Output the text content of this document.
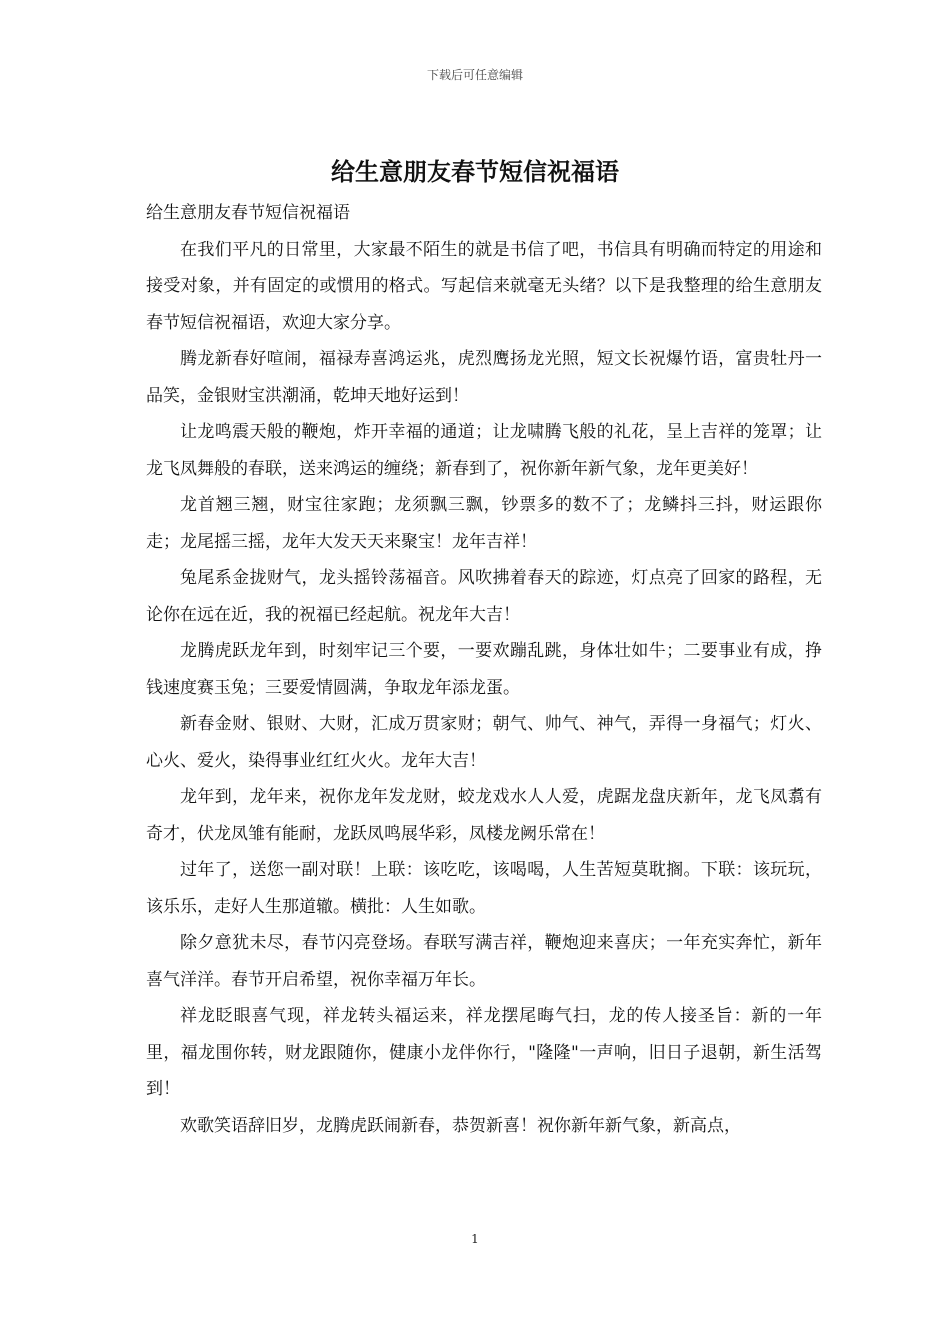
下载后可任意编辑
给生意朋友春节短信祝福语

给生意朋友春节短信祝福语

在我们平凡的日常里，大家最不陌生的就是书信了吧，书信具有明确而特定的用途和接受对象，并有固定的或惯用的格式。写起信来就毫无头绪？以下是我整理的给生意朋友春节短信祝福语，欢迎大家分享。

腾龙新春好喧闹，福禄寿喜鸿运兆，虎烈鹰扬龙光照，短文长祝爆竹语，富贵牡丹一品笑，金银财宝洪潮涌，乾坤天地好运到！

让龙鸣震天般的鞭炮，炸开幸福的通道；让龙啸腾飞般的礼花，呈上吉祥的笼罩；让龙飞凤舞般的春联，送来鸿运的缠绕；新春到了，祝你新年新气象，龙年更美好！

龙首翘三翘，财宝往家跑；龙须飘三飘，钞票多的数不了；龙鳞抖三抖，财运跟你走；龙尾摇三摇，龙年大发天天来聚宝！龙年吉祥！

兔尾系金拢财气，龙头摇铃荡福音。风吹拂着春天的踪迹，灯点亮了回家的路程，无论你在远在近，我的祝福已经起航。祝龙年大吉！

龙腾虎跃龙年到，时刻牢记三个要，一要欢蹦乱跳，身体壮如牛；二要事业有成，挣钱速度赛玉兔；三要爱情圆满，争取龙年添龙蛋。

新春金财、银财、大财，汇成万贯家财；朝气、帅气、神气，弄得一身福气；灯火、心火、爱火，染得事业红红火火。龙年大吉！

龙年到，龙年来，祝你龙年发龙财，蛟龙戏水人人爱，虎踞龙盘庆新年，龙飞凤翥有奇才，伏龙凤雏有能耐，龙跃凤鸣展华彩，凤楼龙阙乐常在！

过年了，送您一副对联！上联：该吃吃，该喝喝，人生苦短莫耽搁。下联：该玩玩，该乐乐，走好人生那道辙。横批：人生如歌。

除夕意犹未尽，春节闪亮登场。春联写满吉祥，鞭炮迎来喜庆；一年充实奔忙，新年喜气洋洋。春节开启希望，祝你幸福万年长。

祥龙眨眼喜气现，祥龙转头福运来，祥龙摆尾晦气扫，龙的传人接圣旨：新的一年里，福龙围你转，财龙跟随你，健康小龙伴你行，"隆隆"一声响，旧日子退朝，新生活驾到！

欢歌笑语辞旧岁，龙腾虎跃闹新春，恭贺新喜！祝你新年新气象，新高点，

1
